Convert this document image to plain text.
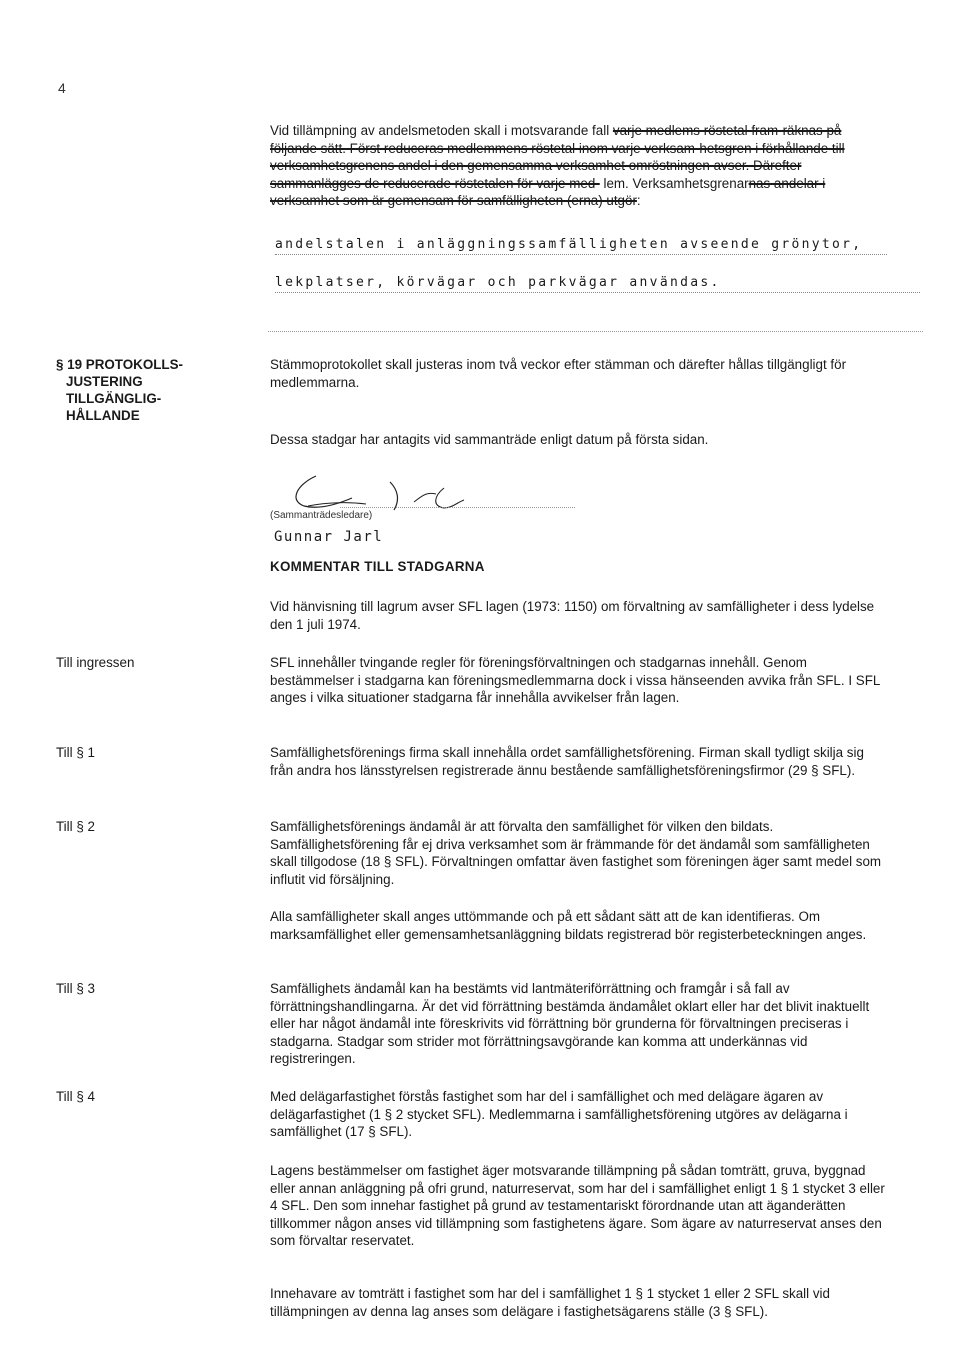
4
Vid tillämpning av andelsmetoden skall i motsvarande fall varje medlems röstetal fram-räknas på följande sätt. Först reduceras medlemmens röstetal inom varje verksam-hetsgren i förhållande till verksamhetsgrenens andel i den gemensamma verksamhet omröstningen avser. Därefter sammanlägges de reducerade röstetalen för varje med- lem. Verksamhetsgrenarnas andelar i verksamhet som är gemensam för samfälligheten (erna) utgör:
andelstalen i anläggningssamfälligheten avseende grönytor,
lekplatser, körvägar och parkvägar användas.
§ 19 PROTOKOLLS-
JUSTERING
TILLGÄNGLIG-
HÅLLANDE
Stämmoprotokollet skall justeras inom två veckor efter stämman och därefter hållas tillgängligt för medlemmarna.
Dessa stadgar har antagits vid sammanträde enligt datum på första sidan.
(Sammanträdesledare)
Gunnar Jarl
KOMMENTAR TILL STADGARNA
Vid hänvisning till lagrum avser SFL lagen (1973: 1150) om förvaltning av samfälligheter i dess lydelse den 1 juli 1974.
Till ingressen	SFL innehåller tvingande regler för föreningsförvaltningen och stadgarnas innehåll. Genom bestämmelser i stadgarna kan föreningsmedlemmarna dock i vissa hänseenden avvika från SFL. I SFL anges i vilka situationer stadgarna får innehålla avvikelser från lagen.
Till § 1	Samfällighetsförenings firma skall innehålla ordet samfällighetsförening. Firman skall tydligt skilja sig från andra hos länsstyrelsen registrerade ännu bestående samfällighetsföreningsfirmor (29 § SFL).
Till § 2	Samfällighetsförenings ändamål är att förvalta den samfällighet för vilken den bildats. Samfällighetsförening får ej driva verksamhet som är främmande för det ändamål som samfälligheten skall tillgodose (18 § SFL). Förvaltningen omfattar även fastighet som föreningen äger samt medel som influtit vid försäljning.
Alla samfälligheter skall anges uttömmande och på ett sådant sätt att de kan identifieras. Om marksamfällighet eller gemensamhetsanläggning bildats registrerad bör registerbeteckningen anges.
Till § 3	Samfällighets ändamål kan ha bestämts vid lantmäteriförrättning och framgår i så fall av förrättningshandlingarna. Är det vid förrättning bestämda ändamålet oklart eller har det blivit inaktuellt eller har något ändamål inte föreskrivits vid förrättning bör grunderna för förvaltningen preciseras i stadgarna. Stadgar som strider mot förrättningsavgörande kan komma att underkännas vid registreringen.
Till § 4	Med delägarfastighet förstås fastighet som har del i samfällighet och med delägare ägaren av delägarfastighet (1 § 2 stycket SFL). Medlemmarna i samfällighetsförening utgöres av delägarna i samfällighet (17 § SFL).
Lagens bestämmelser om fastighet äger motsvarande tillämpning på sådan tomträtt, gruva, byggnad eller annan anläggning på ofri grund, naturreservat, som har del i samfällighet enligt 1 § 1 stycket 3 eller 4 SFL. Den som innehar fastighet på grund av testamentariskt förordnande utan att äganderätten tillkommer någon anses vid tillämpning som fastighetens ägare. Som ägare av naturreservat anses den som förvaltar reservatet.
Innehavare av tomträtt i fastighet som har del i samfällighet 1 § 1 stycket 1 eller 2 SFL skall vid tillämpningen av denna lag anses som delägare i fastighetsägarens ställe (3 § SFL).
